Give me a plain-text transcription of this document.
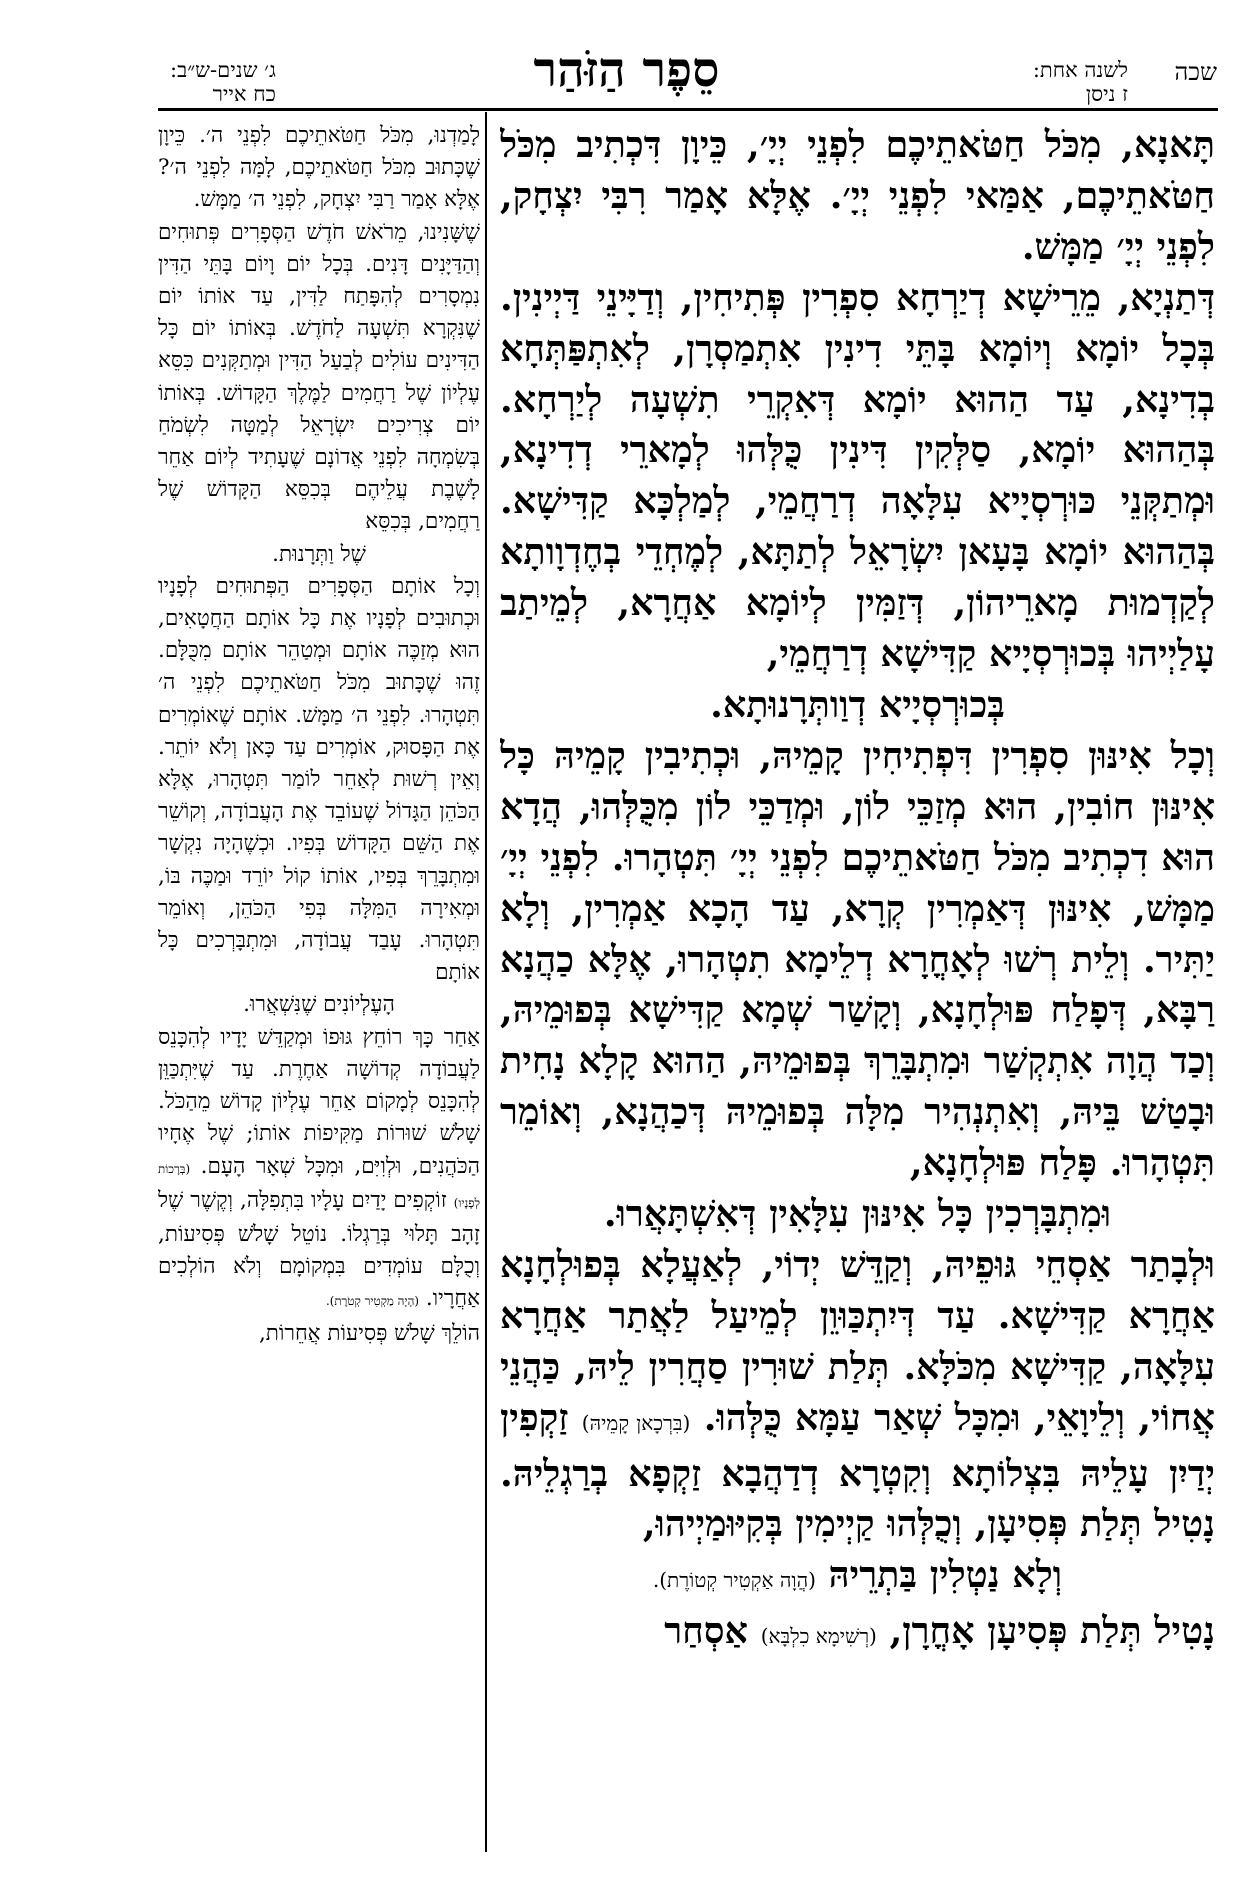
שכה
לשנה אחת:
ז ניסן
סֵפֶר הַזֹּהַר
ג׳ שנים-ש״ב:
כח אייר

תָּאנָא, מִכֹּל חַטֹּאתֵיכֶם לִפְנֵי יְיָ׳, כֵּיוָן דִּכְתִיב מִכֹּל חַטֹּאתֵיכֶם, אַמַּאי לִפְנֵי יְיָ׳. אֶלָּא אָמַר רִבִּי יִצְחָק, לִפְנֵי יְיָ׳ מַמָּשׁ.

דְּתַנְיָא, מֵרֵישָׁא דְיַרְחָא סִפְרִין פְּתִיחִין, וְדַיָּינֵי דַּיְינִין. בְּכָל יוֹמָא וְיוֹמָא בָּתֵּי דִינִין אִתְמַסְרָן, לְאִתְפַּתְּחָא בְדִינָא, עַד הַהוּא יוֹמָא דְּאִקְרֵי תִשְׁעָה לְיַרְחָא. בְּהַהוּא יוֹמָא, סַלְּקִין דִּינִין כֻּלְּהוּ לְמָארֵי דְדִינָא, וּמְתַקְּנֵי כּוּרְסְיָיא עִלָּאָה דְרַחֲמֵי, לְמַלְכָּא קַדִּישָׁא. בְּהַהוּא יוֹמָא בָּעָאן יִשְׂרָאֵל לְתַתָּא, לְמֶחְדֵי בְחֶדְוָותָא לְקַדְמוּת מָארֵיהוֹן, דְּזַמִּין לְיוֹמָא אַחֲרָא, לְמֵיתַב עָלַיְיהוּ בְּכוּרְסְיָיא קַדִּישָׁא דְרַחֲמֵי,

בְּכוּרְסְיָיא דְוַותְּרָנוּתָא.

וְכָל אִינּוּן סִפְרִין דִּפְתִיחִין קָמֵיהּ, וּכְתִיבִין קָמֵיהּ כָּל אִינּוּן חוֹבִין, הוּא מְזַכֵּי לוֹן, וּמְדַכֵּי לוֹן מִכֻּלְּהוּ, הֲדָא הוּא דִכְתִיב מִכֹּל חַטֹּאתֵיכֶם לִפְנֵי יְיָ׳ תִּטְהָרוּ. לִפְנֵי יְיָ׳ מַמָּשׁ, אִינּוּן דְּאַמְרִין קְרָא, עַד הָכָא אַמְרִין, וְלָא יַתִּיר. וְלֵית רְשׁוּ לְאָחֳרָא דְלֵימָא תִטְהָרוּ, אֶלָּא כַהֲנָא רַבָּא, דְּפָלַח פּוּלְחָנָא, וְקָשַׁר שְׁמָא קַדִּישָׁא בְּפוּמֵיהּ, וְכַד הֲוָה אִתְקְשַׁר וּמִתְבָּרֵךְ בְּפוּמֵיהּ, הַהוּא קָלָא נָחִית וּבָטַשׁ בֵּיהּ, וְאִתְנְהִיר מִלָּה בְּפוּמֵיהּ דְּכַהֲנָא, וְאוֹמֵר תִּטְהָרוּ. פָּלַח פּוּלְחָנָא,

וּמִתְבָּרְכִין כָּל אִינּוּן עִלָּאִין דְּאִשְׁתָּאֲרוּ.

וּלְבָתַר אַסְחֵי גּוּפֵיהּ, וְקַדֵּשׁ יְדוֹי, לְאַעֲלָא בְּפוּלְחָנָא אַחֲרָא קַדִּישָׁא. עַד דְּיִתְכַּוּוֵן לְמֵיעַל לַאֲתַר אַחֲרָא עִלָּאָה, קַדִּישָׁא מִכֹּלָּא. תְּלַת שׁוּרִין סַחֲרִין לֵיהּ, כַּהֲנֵי אֲחוֹי, וְלֵיוָאֵי, וּמִכָּל שְׁאַר עַמָּא כֻּלְּהוּ. (בִּרְכָאן קָמֵיהּ) זַקְפִין יְדַיִן עָלֵיהּ בִּצְלוֹתָא וְקִטְרָא דְדַהֲבָא זַקְפָא בְרַגְלֵיהּ. נָטִיל תְּלַת פְּסִיעָן, וְכֻלְּהוּ קַיְימִין בְּקִיּוּמַיְיהוּ,

וְלָא נַטְלִין בַּתְרֵיהּ (הֲוָה אַקְטִיר קְטוֹרֶת).

נָטִיל תְּלַת פְּסִיעָן אָחֳרָן, (רְשִׁימָא כִלְבָּא) אַסְחַר

לָמַדְנוּ, מִכֹּל חַטֹּאתֵיכֶם לִפְנֵי ה׳. כֵּיוָן שֶׁכָּתוּב מִכֹּל חַטֹּאתֵיכֶם, לָמָּה לִפְנֵי ה׳? אֶלָּא אָמַר רַבִּי יִצְחָק, לִפְנֵי ה׳ מַמָּשׁ.

שֶׁשָּׁנִינוּ, מֵרֹאשׁ חֹדֶשׁ הַסְּפָרִים פְּתוּחִים וְהַדַּיָּנִים דָּנִים. בְּכָל יוֹם וָיוֹם בָּתֵּי הַדִּין נִמְסָרִים לְהִפָּתַח לַדִּין, עַד אוֹתוֹ יוֹם שֶׁנִּקְרָא תִּשְׁעָה לַחֹדֶשׁ. בְּאוֹתוֹ יוֹם כָּל הַדִּינִים עוֹלִים לְבַעַל הַדִּין וּמְתַקְּנִים כִּסֵּא עֶלְיוֹן שֶׁל רַחֲמִים לַמֶּלֶךְ הַקָּדוֹשׁ. בְּאוֹתוֹ יוֹם צְרִיכִים יִשְׂרָאֵל לְמַטָּה לִשְׂמֹחַ בְּשִׂמְחָה לִפְנֵי אֲדוֹנָם שֶׁעָתִיד לְיוֹם אַחֵר לָשֶׁבֶת עֲלֵיהֶם בְּכִסֵּא הַקָּדוֹשׁ שֶׁל רַחֲמִים, בְּכִסֵּא

שֶׁל וַתְּרָנוּת.

וְכָל אוֹתָם הַסְּפָרִים הַפְּתוּחִים לְפָנָיו וּכְתוּבִים לְפָנָיו אֶת כָּל אוֹתָם הַחֲטָאִים, הוּא מְזַכֶּה אוֹתָם וּמְטַהֵר אוֹתָם מִכֻּלָּם. זֶהוּ שֶׁכָּתוּב מִכֹּל חַטֹּאתֵיכֶם לִפְנֵי ה׳ תִּטְהָרוּ. לִפְנֵי ה׳ מַמָּשׁ. אוֹתָם שֶׁאוֹמְרִים אֶת הַפָּסוּק, אוֹמְרִים עַד כָּאן וְלֹא יוֹתֵר. וְאֵין רְשׁוּת לְאַחֵר לוֹמַר תִּטְהָרוּ, אֶלָּא הַכֹּהֵן הַגָּדוֹל שֶׁעוֹבֵד אֶת הָעֲבוֹדָה, וְקוֹשֵׁר אֶת הַשֵּׁם הַקָּדוֹשׁ בְּפִיו. וּכְשֶׁהָיָה נִקְשָׁר וּמִתְבָּרֵךְ בְּפִיו, אוֹתוֹ קוֹל יוֹרֵד וּמַכֶּה בּוֹ, וּמְאִירָה הַמִּלָּה בְּפִי הַכֹּהֵן, וְאוֹמֵר תִּטְהָרוּ. עָבַד עֲבוֹדָה, וּמִתְבָּרְכִים כָּל אוֹתָם

הָעֶלְיוֹנִים שֶׁנִּשְׁאֲרוּ.

אַחַר כָּךְ רוֹחֵץ גּוּפוֹ וּמְקַדֵּשׁ יָדָיו לְהִכָּנֵס לַעֲבוֹדָה קְדוֹשָׁה אַחֶרֶת. עַד שֶׁיִּתְכַּוֵּן לְהִכָּנֵס לְמָקוֹם אַחֵר עֶלְיוֹן קָדוֹשׁ מֵהַכֹּל. שָׁלֹשׁ שׁוּרוֹת מַקִּיפוֹת אוֹתוֹ; שֶׁל אֶחָיו הַכֹּהֲנִים, וּלְוִיִּם, וּמִכָּל שְׁאָר הָעָם. (בְּרָכוֹת לְפָנָיו) זוֹקְפִים יָדַיִם עָלָיו בִּתְפִלָּה, וְקֶשֶׁר שֶׁל זָהָב תָּלוּי בְּרַגְלוֹ. נוֹטֵל שָׁלֹשׁ פְּסִיעוֹת, וְכֻלָּם עוֹמְדִים בִּמְקוֹמָם וְלֹא הוֹלְכִים אַחֲרָיו. (הָיָה מַקְטִיר קְטֹרֶת).

הוֹלֵךְ שָׁלֹשׁ פְּסִיעוֹת אֲחֵרוֹת,
